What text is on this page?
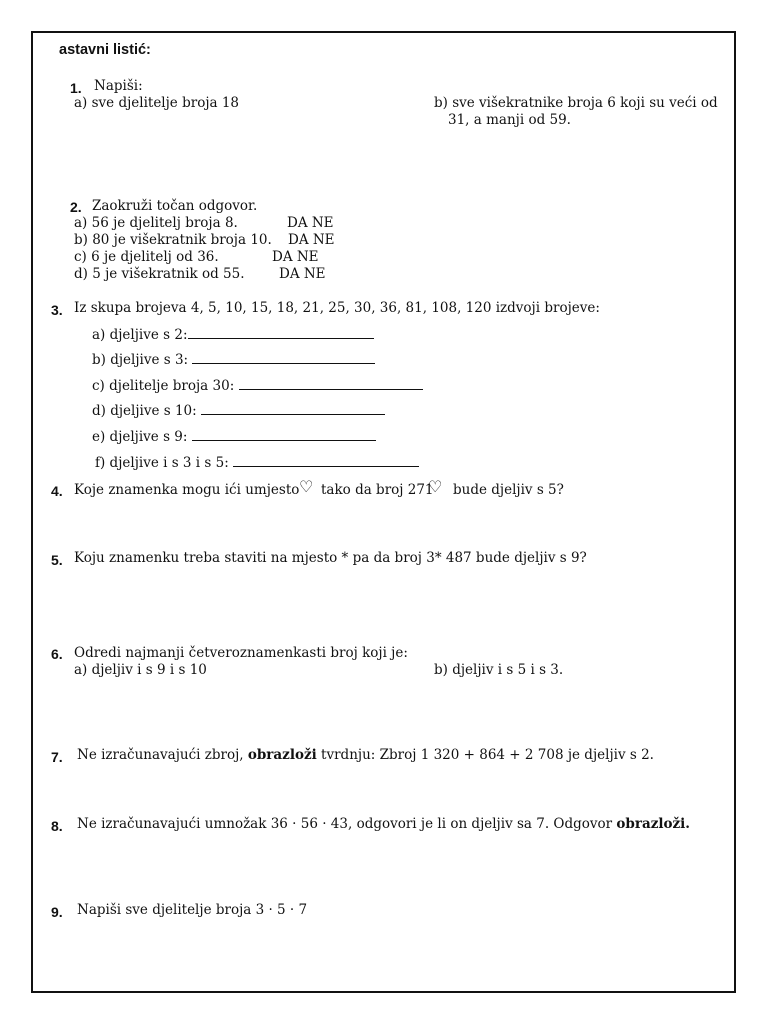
astavni listić:
1. Napiši:
a) sve djelitelje broja 18	b) sve višekratnike broja 6 koji su veći od
31, a manji od 59.
2. Zaokruži točan odgovor.
a) 56 je djelitelj broja 8.	DA NE
b) 80 je višekratnik broja 10. DA NE
c) 6 je djelitelj od 36.	DA NE
d) 5 je višekratnik od 55.	DA NE
3. Iz skupa brojeva 4, 5, 10, 15, 18, 21, 25, 30, 36, 81, 108, 120 izdvoji brojeve:
a) djeljive s 2:
b) djeljive s 3:
c) djelitelje broja 30:
d) djeljive s 10:
e) djeljive s 9:
f) djeljive i s 3 i s 5:
4. Koje znamenka mogu ići umjesto ♡ tako da broj 271
♡ bude djeljiv s 5?
5. Koju znamenku treba staviti na mjesto * pa da broj 3* 487 bude djeljiv s 9?
6. Odredi najmanji četveroznamenkasti broj koji je:
a) djeljiv i s 9 i s 10	b) djeljiv i s 5 i s 3.
7. Ne izračunavajući zbroj, obrazloži tvrdnju: Zbroj 1 320 + 864 + 2 708 je djeljiv s 2.
8. Ne izračunavajući umnožak 36 · 56 · 43, odgovori je li on djeljiv sa 7. Odgovor obrazloži.
9. Napiši sve djelitelje broja 3 · 5 · 7
